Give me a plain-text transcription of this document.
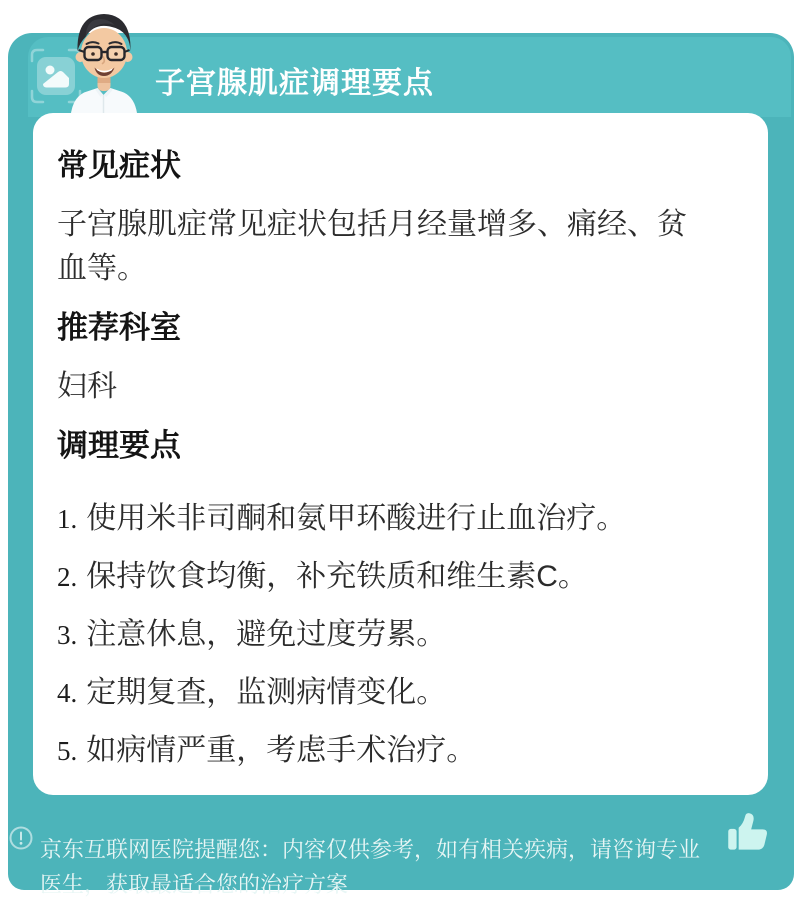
子宫腺肌症调理要点
常见症状

子宫腺肌症常见症状包括月经量增多、痛经、贫血等。

推荐科室

妇科

调理要点
1. 使用米非司酮和氨甲环酸进行止血治疗。
2. 保持饮食均衡，补充铁质和维生素C。
3. 注意休息，避免过度劳累。
4. 定期复查，监测病情变化。
5. 如病情严重，考虑手术治疗。

京东互联网医院提醒您：内容仅供参考，如有相关疾病，请咨询专业医生，获取最适合您的治疗方案
